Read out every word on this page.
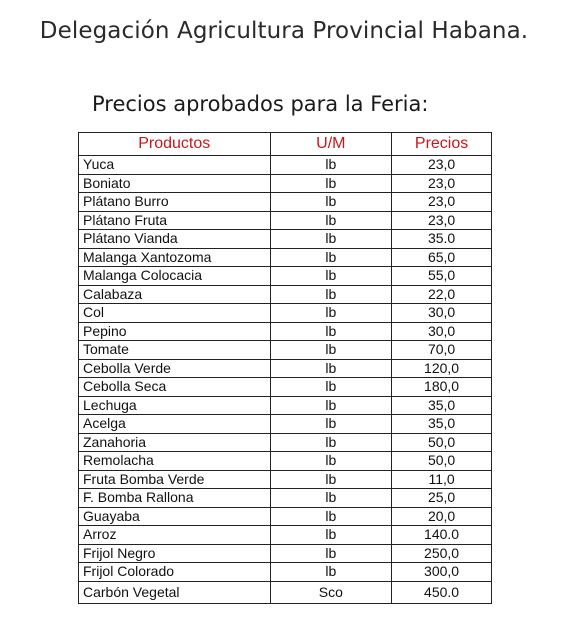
Delegación Agricultura Provincial Habana.
Precios aprobados para la Feria:
Productos	U/M	Precios
Yuca	lb	23,0
Boniato	lb	23,0
Plátano Burro	lb	23,0
Plátano Fruta	lb	23,0
Plátano Vianda	lb	35.0
Malanga Xantozoma	lb	65,0
Malanga Colocacia	lb	55,0
Calabaza	lb	22,0
Col	lb	30,0
Pepino	lb	30,0
Tomate	lb	70,0
Cebolla Verde	lb	120,0
Cebolla Seca	lb	180,0
Lechuga	lb	35,0
Acelga	lb	35,0
Zanahoria	lb	50,0
Remolacha	lb	50,0
Fruta Bomba Verde	lb	11,0
F. Bomba Rallona	lb	25,0
Guayaba	lb	20,0
Arroz	lb	140.0
Frijol Negro	lb	250,0
Frijol Colorado	lb	300,0
Carbón Vegetal	Sco	450.0
